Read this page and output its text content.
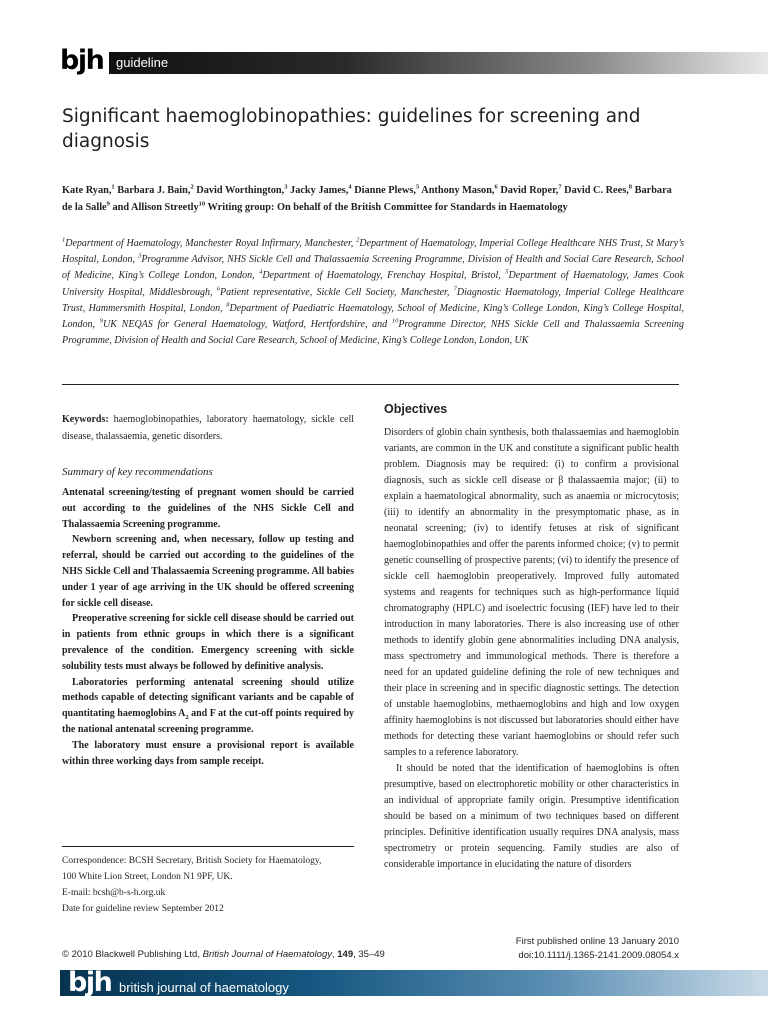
bjh guideline
Significant haemoglobinopathies: guidelines for screening and diagnosis

Kate Ryan,$^1$ Barbara J. Bain,$^2$ David Worthington,$^3$ Jacky James,$^4$ Dianne Plews,$^5$ Anthony Mason,$^6$ David Roper,$^7$ David C. Rees,$^8$ Barbara de la Salle$^9$ and Allison Streetly$^{10}$ Writing group: On behalf of the British Committee for Standards in Haematology

$^1$Department of Haematology, Manchester Royal Infirmary, Manchester, $^2$Department of Haematology, Imperial College Healthcare NHS Trust, St Mary’s Hospital, London, $^3$Programme Advisor, NHS Sickle Cell and Thalassaemia Screening Programme, Division of Health and Social Care Research, School of Medicine, King’s College London, London, $^4$Department of Haematology, Frenchay Hospital, Bristol, $^5$Department of Haematology, James Cook University Hospital, Middlesbrough, $^6$Patient representative, Sickle Cell Society, Manchester, $^7$Diagnostic Haematology, Imperial College Healthcare Trust, Hammersmith Hospital, London, $^8$Department of Paediatric Haematology, School of Medicine, King’s College London, King’s College Hospital, London, $^9$UK NEQAS for General Haematology, Watford, Hertfordshire, and $^{10}$Programme Director, NHS Sickle Cell and Thalassaemia Screening Programme, Division of Health and Social Care Research, School of Medicine, King’s College London, London, UK

Keywords: haemoglobinopathies, laboratory haematology, sickle cell disease, thalassaemia, genetic disorders.

Summary of key recommendations

Antenatal screening/testing of pregnant women should be carried out according to the guidelines of the NHS Sickle Cell and Thalassaemia Screening programme.

Newborn screening and, when necessary, follow up testing and referral, should be carried out according to the guidelines of the NHS Sickle Cell and Thalassaemia Screening programme. All babies under 1 year of age arriving in the UK should be offered screening for sickle cell disease.

Preoperative screening for sickle cell disease should be carried out in patients from ethnic groups in which there is a significant prevalence of the condition. Emergency screening with sickle solubility tests must always be followed by definitive analysis.

Laboratories performing antenatal screening should utilize methods capable of detecting significant variants and be capable of quantitating haemoglobins $A_2$ and F at the cut-off points required by the national antenatal screening programme.

The laboratory must ensure a provisional report is available within three working days from sample receipt.

Correspondence: BCSH Secretary, British Society for Haematology,
100 White Lion Street, London N1 9PF, UK.
E-mail: bcsh@b-s-h.org.uk
Date for guideline review September 2012
Objectives

Disorders of globin chain synthesis, both thalassaemias and haemoglobin variants, are common in the UK and constitute a significant public health problem. Diagnosis may be required: (i) to confirm a provisional diagnosis, such as sickle cell disease or β thalassaemia major; (ii) to explain a haematological abnormality, such as anaemia or microcytosis; (iii) to identify an abnormality in the presymptomatic phase, as in neonatal screening; (iv) to identify fetuses at risk of significant haemoglobinopathies and offer the parents informed choice; (v) to permit genetic counselling of prospective parents; (vi) to identify the presence of sickle cell haemoglobin preoperatively. Improved fully automated systems and reagents for techniques such as high-performance liquid chromatography (HPLC) and isoelectric focusing (IEF) have led to their introduction in many laboratories. There is also increasing use of other methods to identify globin gene abnormalities including DNA analysis, mass spectrometry and immunological methods. There is therefore a need for an updated guideline defining the role of new techniques and their place in screening and in specific diagnostic settings. The detection of unstable haemoglobins, methaemoglobins and high and low oxygen affinity haemoglobins is not discussed but laboratories should either have methods for detecting these variant haemoglobins or should refer such samples to a reference laboratory.

It should be noted that the identification of haemoglobins is often presumptive, based on electrophoretic mobility or other characteristics in an individual of appropriate family origin. Presumptive identification should be based on a minimum of two techniques based on different principles. Definitive identification usually requires DNA analysis, mass spectrometry or protein sequencing. Family studies are also of considerable importance in elucidating the nature of disorders

© 2010 Blackwell Publishing Ltd, British Journal of Haematology, 149, 35–49
First published online 13 January 2010
doi:10.1111/j.1365-2141.2009.08054.x
bjh british journal of haematology
